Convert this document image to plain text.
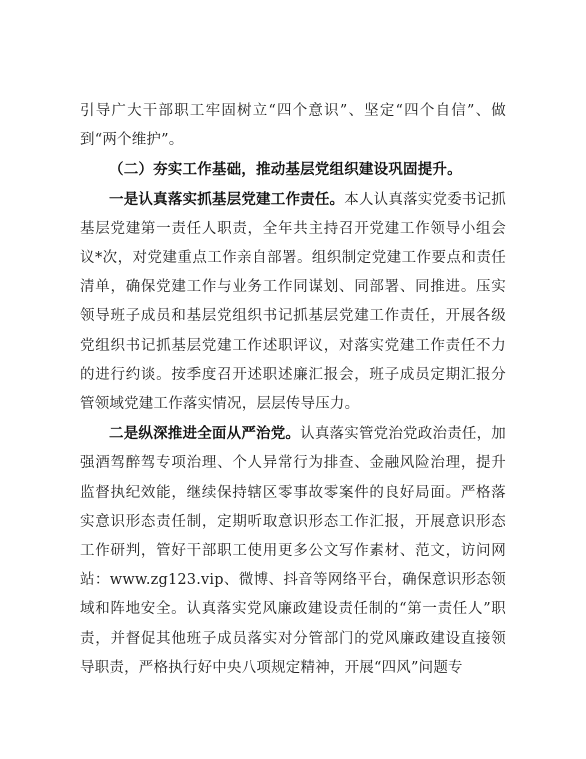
引导广大干部职工牢固树立“四个意识”、坚定“四个自信”、做到“两个维护”。

（二）夯实工作基础，推动基层党组织建设巩固提升。

一是认真落实抓基层党建工作责任。本人认真落实党委书记抓基层党建第一责任人职责，全年共主持召开党建工作领导小组会议*次，对党建重点工作亲自部署。组织制定党建工作要点和责任清单，确保党建工作与业务工作同谋划、同部署、同推进。压实领导班子成员和基层党组织书记抓基层党建工作责任，开展各级党组织书记抓基层党建工作述职评议，对落实党建工作责任不力的进行约谈。按季度召开述职述廉汇报会，班子成员定期汇报分管领域党建工作落实情况，层层传导压力。

二是纵深推进全面从严治党。认真落实管党治党政治责任，加强酒驾醉驾专项治理、个人异常行为排查、金融风险治理，提升监督执纪效能，继续保持辖区零事故零案件的良好局面。严格落实意识形态责任制，定期听取意识形态工作汇报，开展意识形态工作研判，管好干部职工使用更多公文写作素材、范文，访问网站：www.zg123.vip、微博、抖音等网络平台，确保意识形态领域和阵地安全。认真落实党风廉政建设责任制的“第一责任人”职责，并督促其他班子成员落实对分管部门的党风廉政建设直接领导职责，严格执行好中央八项规定精神，开展“四风”问题专
